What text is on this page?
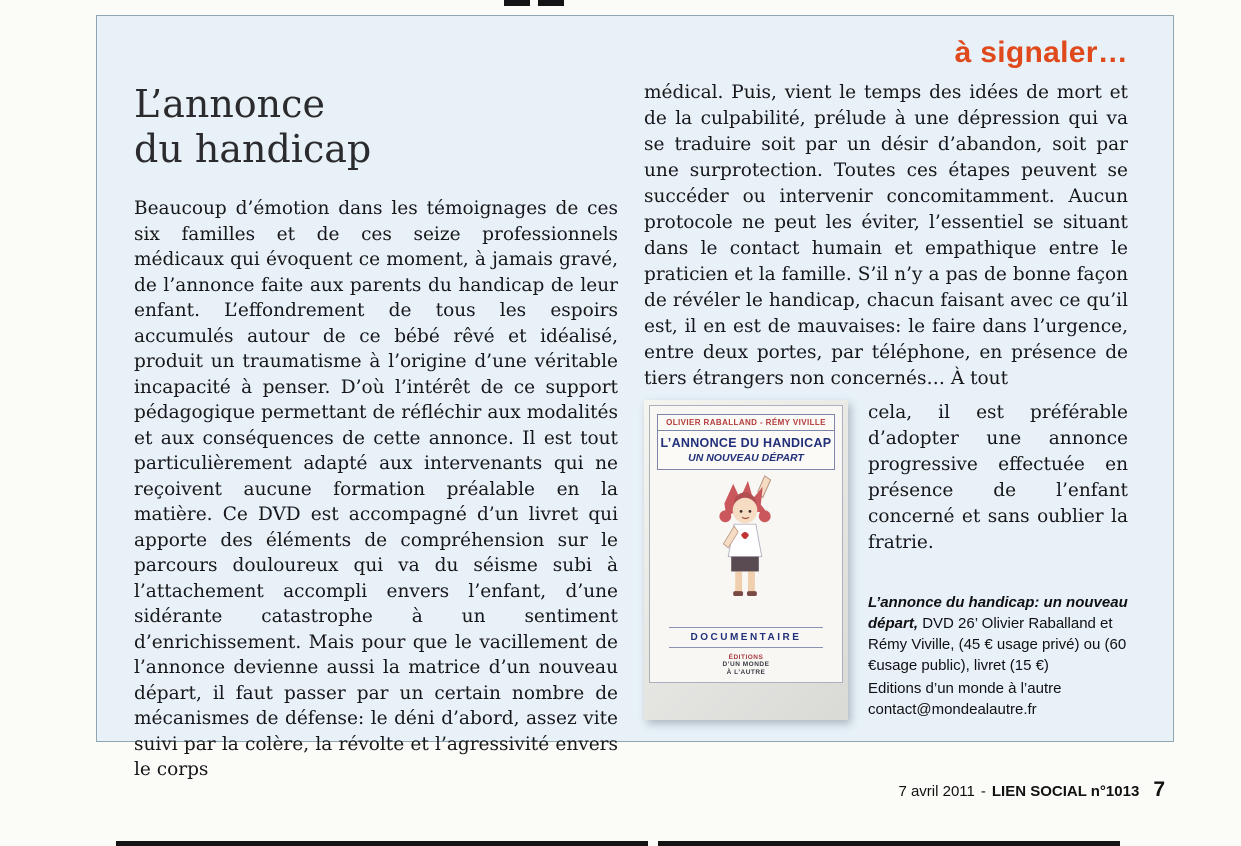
à signaler…
L’annonce
du handicap

Beaucoup d’émotion dans les témoignages de ces six familles et de ces seize professionnels médicaux qui évoquent ce moment, à jamais gravé, de l’annonce faite aux parents du handicap de leur enfant. L’effondrement de tous les espoirs accumulés autour de ce bébé rêvé et idéalisé, produit un traumatisme à l’origine d’une véritable incapacité à penser. D’où l’intérêt de ce support pédagogique permettant de réfléchir aux modalités et aux conséquences de cette annonce. Il est tout particulièrement adapté aux intervenants qui ne reçoivent aucune formation préalable en la matière. Ce DVD est accompagné d’un livret qui apporte des éléments de compréhension sur le parcours douloureux qui va du séisme subi à l’attachement accompli envers l’enfant, d’une sidérante catastrophe à un sentiment d’enrichissement. Mais pour que le vacillement de l’annonce devienne aussi la matrice d’un nouveau départ, il faut passer par un certain nombre de mécanismes de défense: le déni d’abord, assez vite suivi par la colère, la révolte et l’agressivité envers le corps

médical. Puis, vient le temps des idées de mort et de la culpabilité, prélude à une dépression qui va se traduire soit par un désir d’abandon, soit par une surprotection. Toutes ces étapes peuvent se succéder ou intervenir concomitamment. Aucun protocole ne peut les éviter, l’essentiel se situant dans le contact humain et empathique entre le praticien et la famille. S’il n’y a pas de bonne façon de révéler le handicap, chacun faisant avec ce qu’il est, il en est de mauvaises: le faire dans l’urgence, entre deux portes, par téléphone, en présence de tiers étrangers non concernés… À tout

OLIVIER RABALLAND - RÉMY VIVILLE
L’ANNONCE DU HANDICAP
UN NOUVEAU DÉPART
DOCUMENTAIRE
ÉDITIONS
D’UN MONDE
À L’AUTRE

cela, il est préférable d’adopter une annonce progressive effectuée en présence de l’enfant concerné et sans oublier la fratrie.

L’annonce du handicap: un nouveau départ, DVD 26’ Olivier Raballand et Rémy Viville, (45 € usage privé) ou (60 €usage public), livret (15 €)

Editions d’un monde à l’autre
contact@mondealautre.fr
7 avril 2011 - LIEN SOCIAL n°1013 7
